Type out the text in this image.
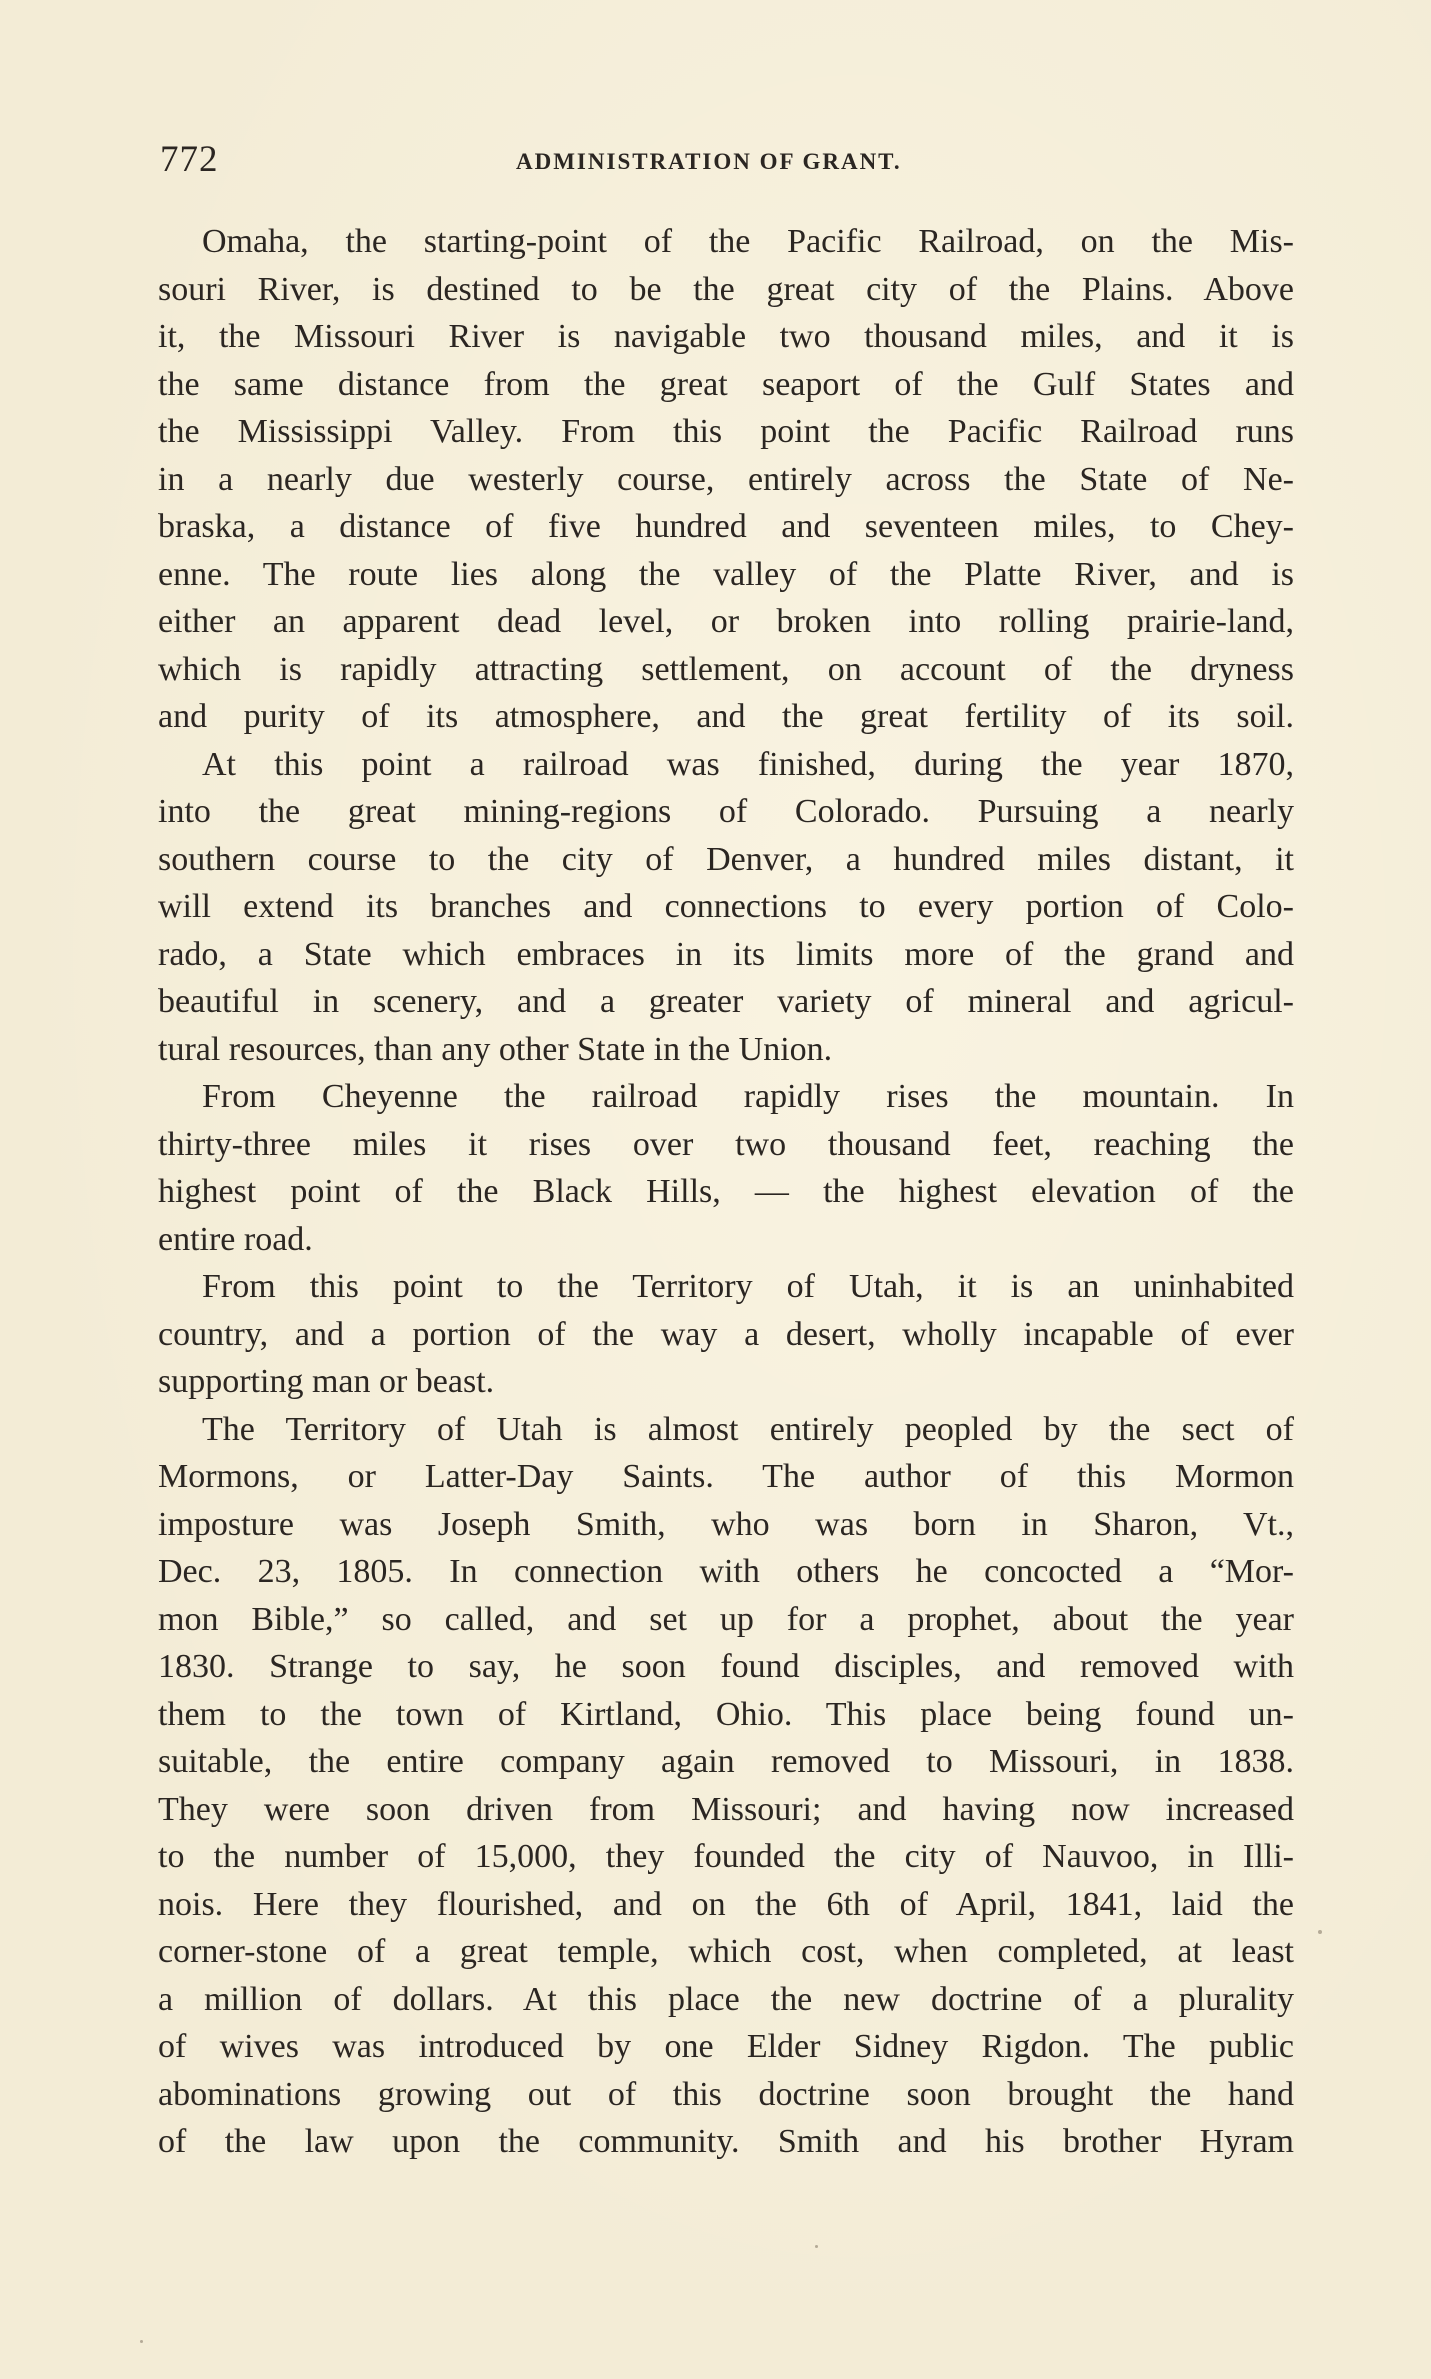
772	ADMINISTRATION OF GRANT.
Omaha, the starting-point of the Pacific Railroad, on the Mis-
souri River, is destined to be the great city of the Plains. Above
it, the Missouri River is navigable two thousand miles, and it is
the same distance from the great seaport of the Gulf States and
the Mississippi Valley. From this point the Pacific Railroad runs
in a nearly due westerly course, entirely across the State of Ne-
braska, a distance of five hundred and seventeen miles, to Chey-
enne. The route lies along the valley of the Platte River, and is
either an apparent dead level, or broken into rolling prairie-land,
which is rapidly attracting settlement, on account of the dryness
and purity of its atmosphere, and the great fertility of its soil.
At this point a railroad was finished, during the year 1870,
into the great mining-regions of Colorado. Pursuing a nearly
southern course to the city of Denver, a hundred miles distant, it
will extend its branches and connections to every portion of Colo-
rado, a State which embraces in its limits more of the grand and
beautiful in scenery, and a greater variety of mineral and agricul-
tural resources, than any other State in the Union.
From Cheyenne the railroad rapidly rises the mountain. In
thirty-three miles it rises over two thousand feet, reaching the
highest point of the Black Hills, — the highest elevation of the
entire road.
From this point to the Territory of Utah, it is an uninhabited
country, and a portion of the way a desert, wholly incapable of ever
supporting man or beast.
The Territory of Utah is almost entirely peopled by the sect of
Mormons, or Latter-Day Saints. The author of this Mormon
imposture was Joseph Smith, who was born in Sharon, Vt.,
Dec. 23, 1805. In connection with others he concocted a “Mor-
mon Bible,” so called, and set up for a prophet, about the year
1830. Strange to say, he soon found disciples, and removed with
them to the town of Kirtland, Ohio. This place being found un-
suitable, the entire company again removed to Missouri, in 1838.
They were soon driven from Missouri; and having now increased
to the number of 15,000, they founded the city of Nauvoo, in Illi-
nois. Here they flourished, and on the 6th of April, 1841, laid the
corner-stone of a great temple, which cost, when completed, at least
a million of dollars. At this place the new doctrine of a plurality
of wives was introduced by one Elder Sidney Rigdon. The public
abominations growing out of this doctrine soon brought the hand
of the law upon the community. Smith and his brother Hyram
